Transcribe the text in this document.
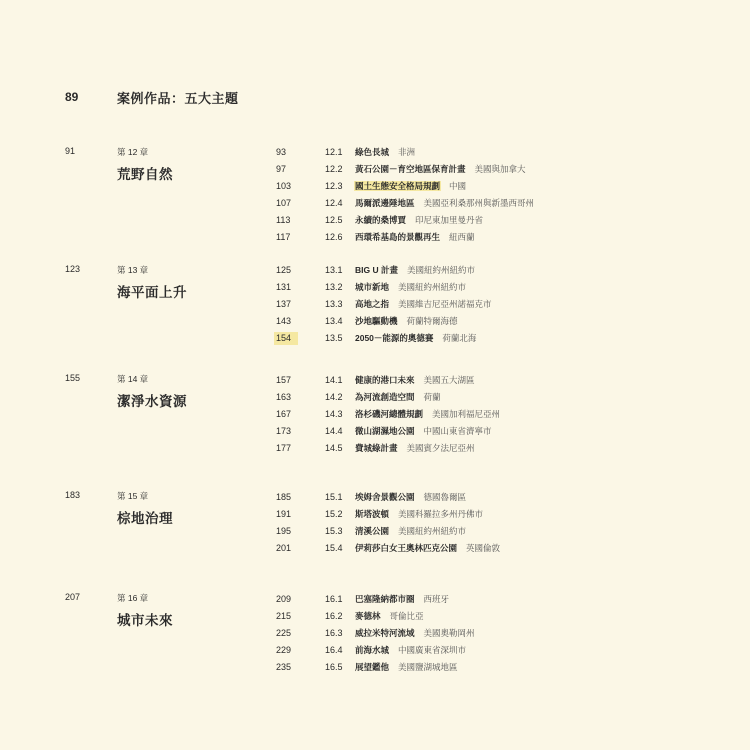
89	案例作品：五大主題
91	第 12 章
荒野自然
93	12.1 綠色長城 非洲
97	12.2 黃石公園－育空地區保育計畫 美國與加拿大
103	12.3 國土生態安全格局規劃 中國
107	12.4 馬爾派邊陲地區 美國亞利桑那州與新墨西哥州
113	12.5 永續的桑博賈 印尼東加里曼丹省
117	12.6 西環希基島的景觀再生 紐西蘭
123	第 13 章
海平面上升
125	13.1 BIG U 計畫 美國紐約州紐約市
131	13.2 城市新地 美國紐約州紐約市
137	13.3 高地之指 美國維吉尼亞州諾福克市
143	13.4 沙地驅動機 荷蘭特爾海德
154	13.5 2050－能源的奧德賽 荷蘭北海
155	第 14 章
潔淨水資源
157	14.1 健康的港口未來 美國五大湖區
163	14.2 為河流創造空間 荷蘭
167	14.3 洛杉磯河總體規劃 美國加利福尼亞州
173	14.4 微山湖濕地公園 中國山東省濟寧市
177	14.5 費城綠計畫 美國賓夕法尼亞州
183	第 15 章
棕地治理
185	15.1 埃姆舍景觀公園 德國魯爾區
191	15.2 斯塔波頓 美國科羅拉多州丹佛市
195	15.3 清溪公園 美國紐約州紐約市
201	15.4 伊莉莎白女王奧林匹克公園 英國倫敦
207	第 16 章
城市未來
209	16.1 巴塞隆納都市圈 西班牙
215	16.2 麥德林 哥倫比亞
225	16.3 威拉米特河流域 美國奧勒岡州
229	16.4 前海水城 中國廣東省深圳市
235	16.5 展望鑑他 美國鹽湖城地區
